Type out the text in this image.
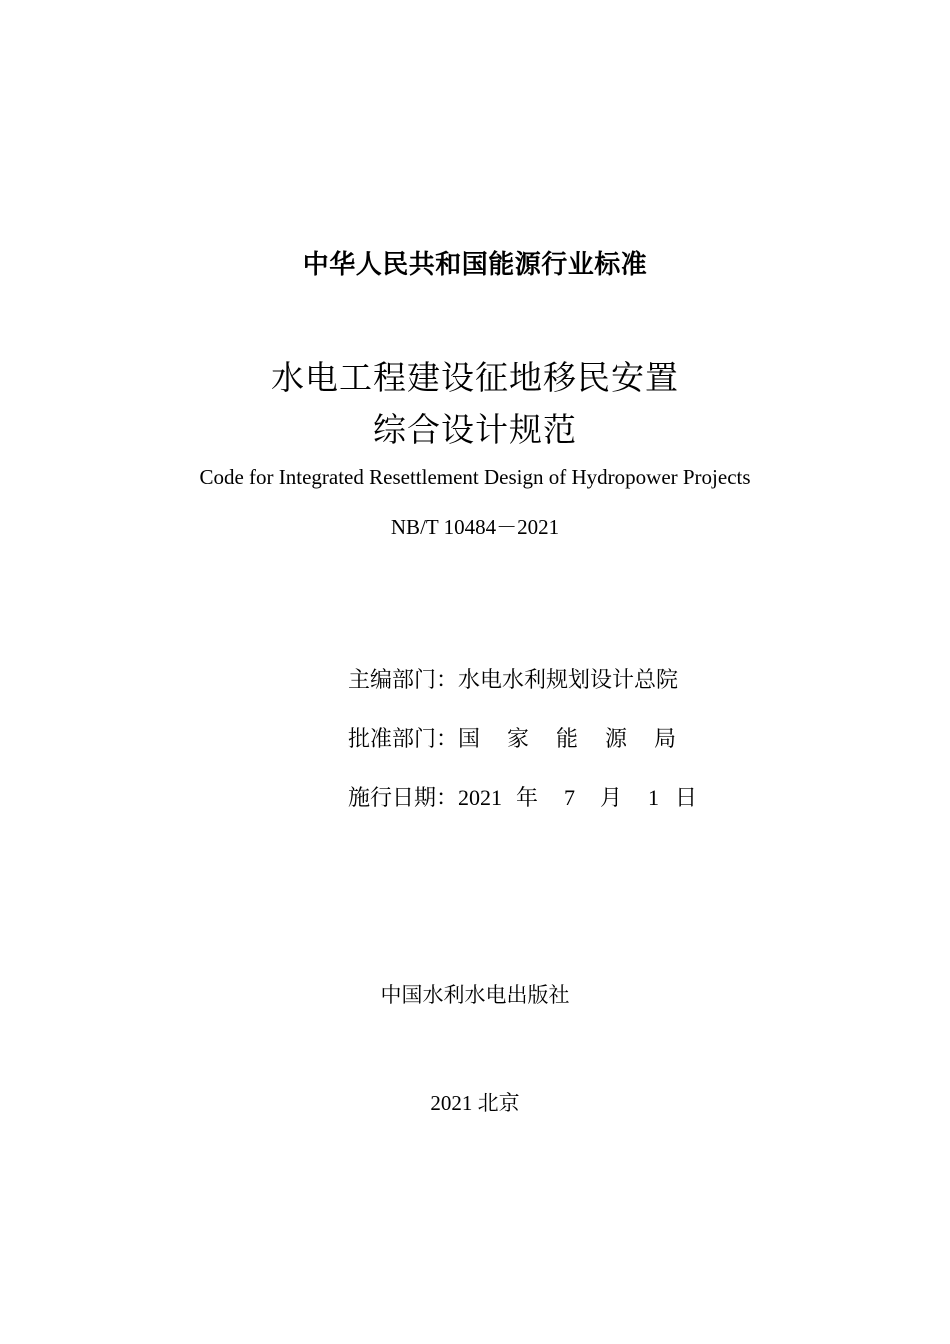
中华人民共和国能源行业标准
水电工程建设征地移民安置
综合设计规范
Code for Integrated Resettlement Design of Hydropower Projects
NB/T 10484－2021
主编部门：水电水利规划设计总院
批准部门：国家能源局
施行日期：2021 年 7 月 1 日
中国水利水电出版社
2021 北京
